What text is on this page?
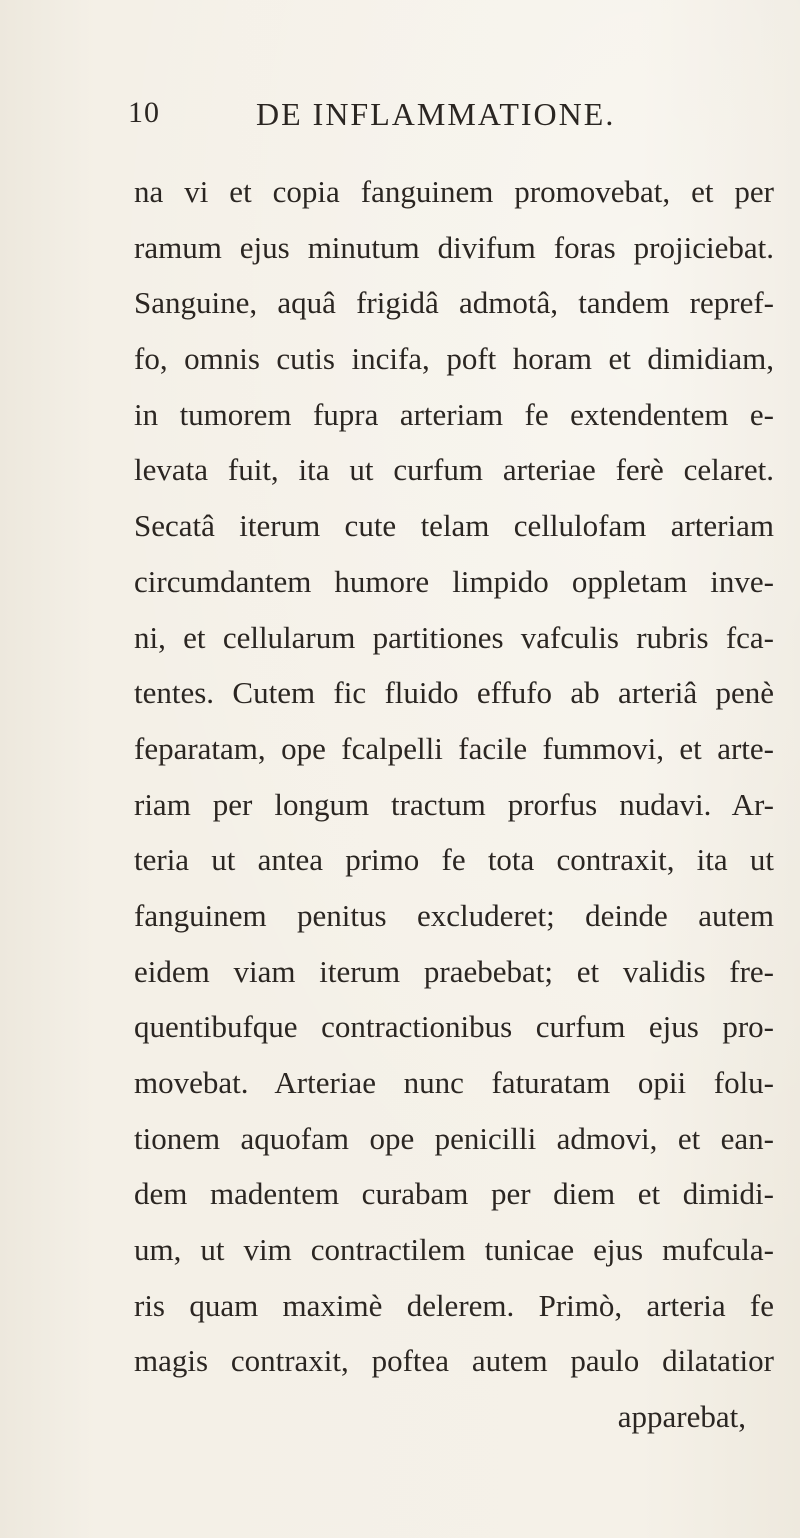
10	DE INFLAMMATIONE.
na vi et copia fanguinem promovebat, et per
ramum ejus minutum divifum foras projiciebat.
Sanguine, aquâ frigidâ admotâ, tandem repref-
fo, omnis cutis incifa, poft horam et dimidiam,
in tumorem fupra arteriam fe extendentem e-
levata fuit, ita ut curfum arteriae ferè celaret.
Secatâ iterum cute telam cellulofam arteriam
circumdantem humore limpido oppletam inve-
ni, et cellularum partitiones vafculis rubris fca-
tentes. Cutem fic fluido effufo ab arteriâ penè
feparatam, ope fcalpelli facile fummovi, et arte-
riam per longum tractum prorfus nudavi. Ar-
teria ut antea primo fe tota contraxit, ita ut
fanguinem penitus excluderet; deinde autem
eidem viam iterum praebebat; et validis fre-
quentibufque contractionibus curfum ejus pro-
movebat. Arteriae nunc faturatam opii folu-
tionem aquofam ope penicilli admovi, et ean-
dem madentem curabam per diem et dimidi-
um, ut vim contractilem tunicae ejus mufcula-
ris quam maximè delerem. Primò, arteria fe
magis contraxit, poftea autem paulo dilatatior
apparebat,
